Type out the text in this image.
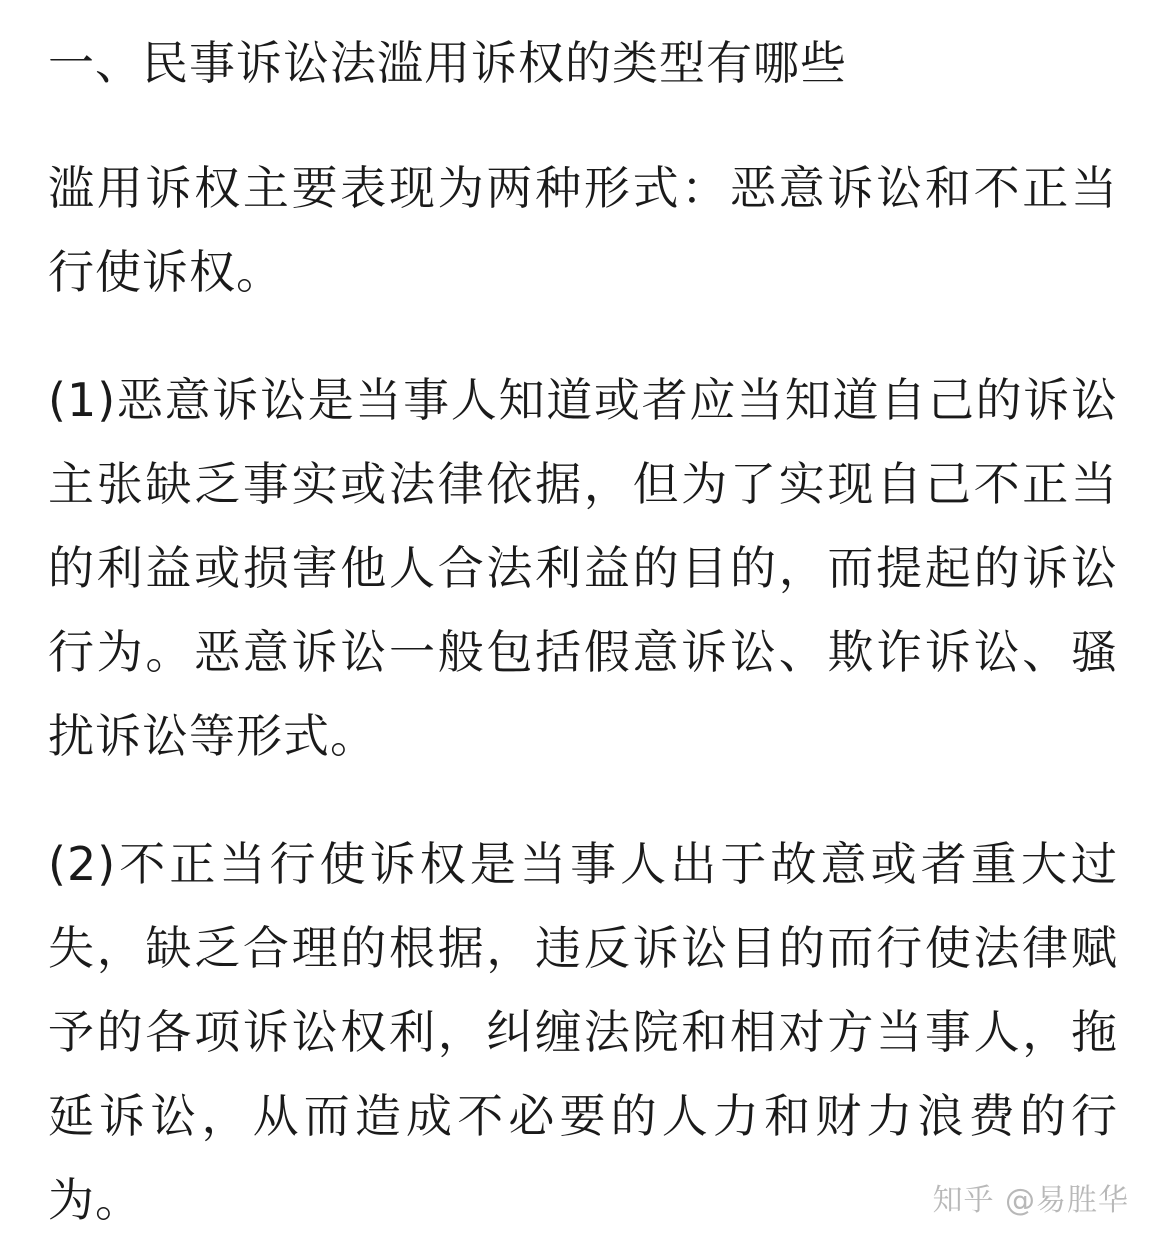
一、民事诉讼法滥用诉权的类型有哪些

滥用诉权主要表现为两种形式：恶意诉讼和不正当行使诉权。

(1)恶意诉讼是当事人知道或者应当知道自己的诉讼主张缺乏事实或法律依据，但为了实现自己不正当的利益或损害他人合法利益的目的，而提起的诉讼行为。恶意诉讼一般包括假意诉讼、欺诈诉讼、骚扰诉讼等形式。

(2)不正当行使诉权是当事人出于故意或者重大过失，缺乏合理的根据，违反诉讼目的而行使法律赋予的各项诉讼权利，纠缠法院和相对方当事人，拖延诉讼，从而造成不必要的人力和财力浪费的行为。	知乎 @易胜华
